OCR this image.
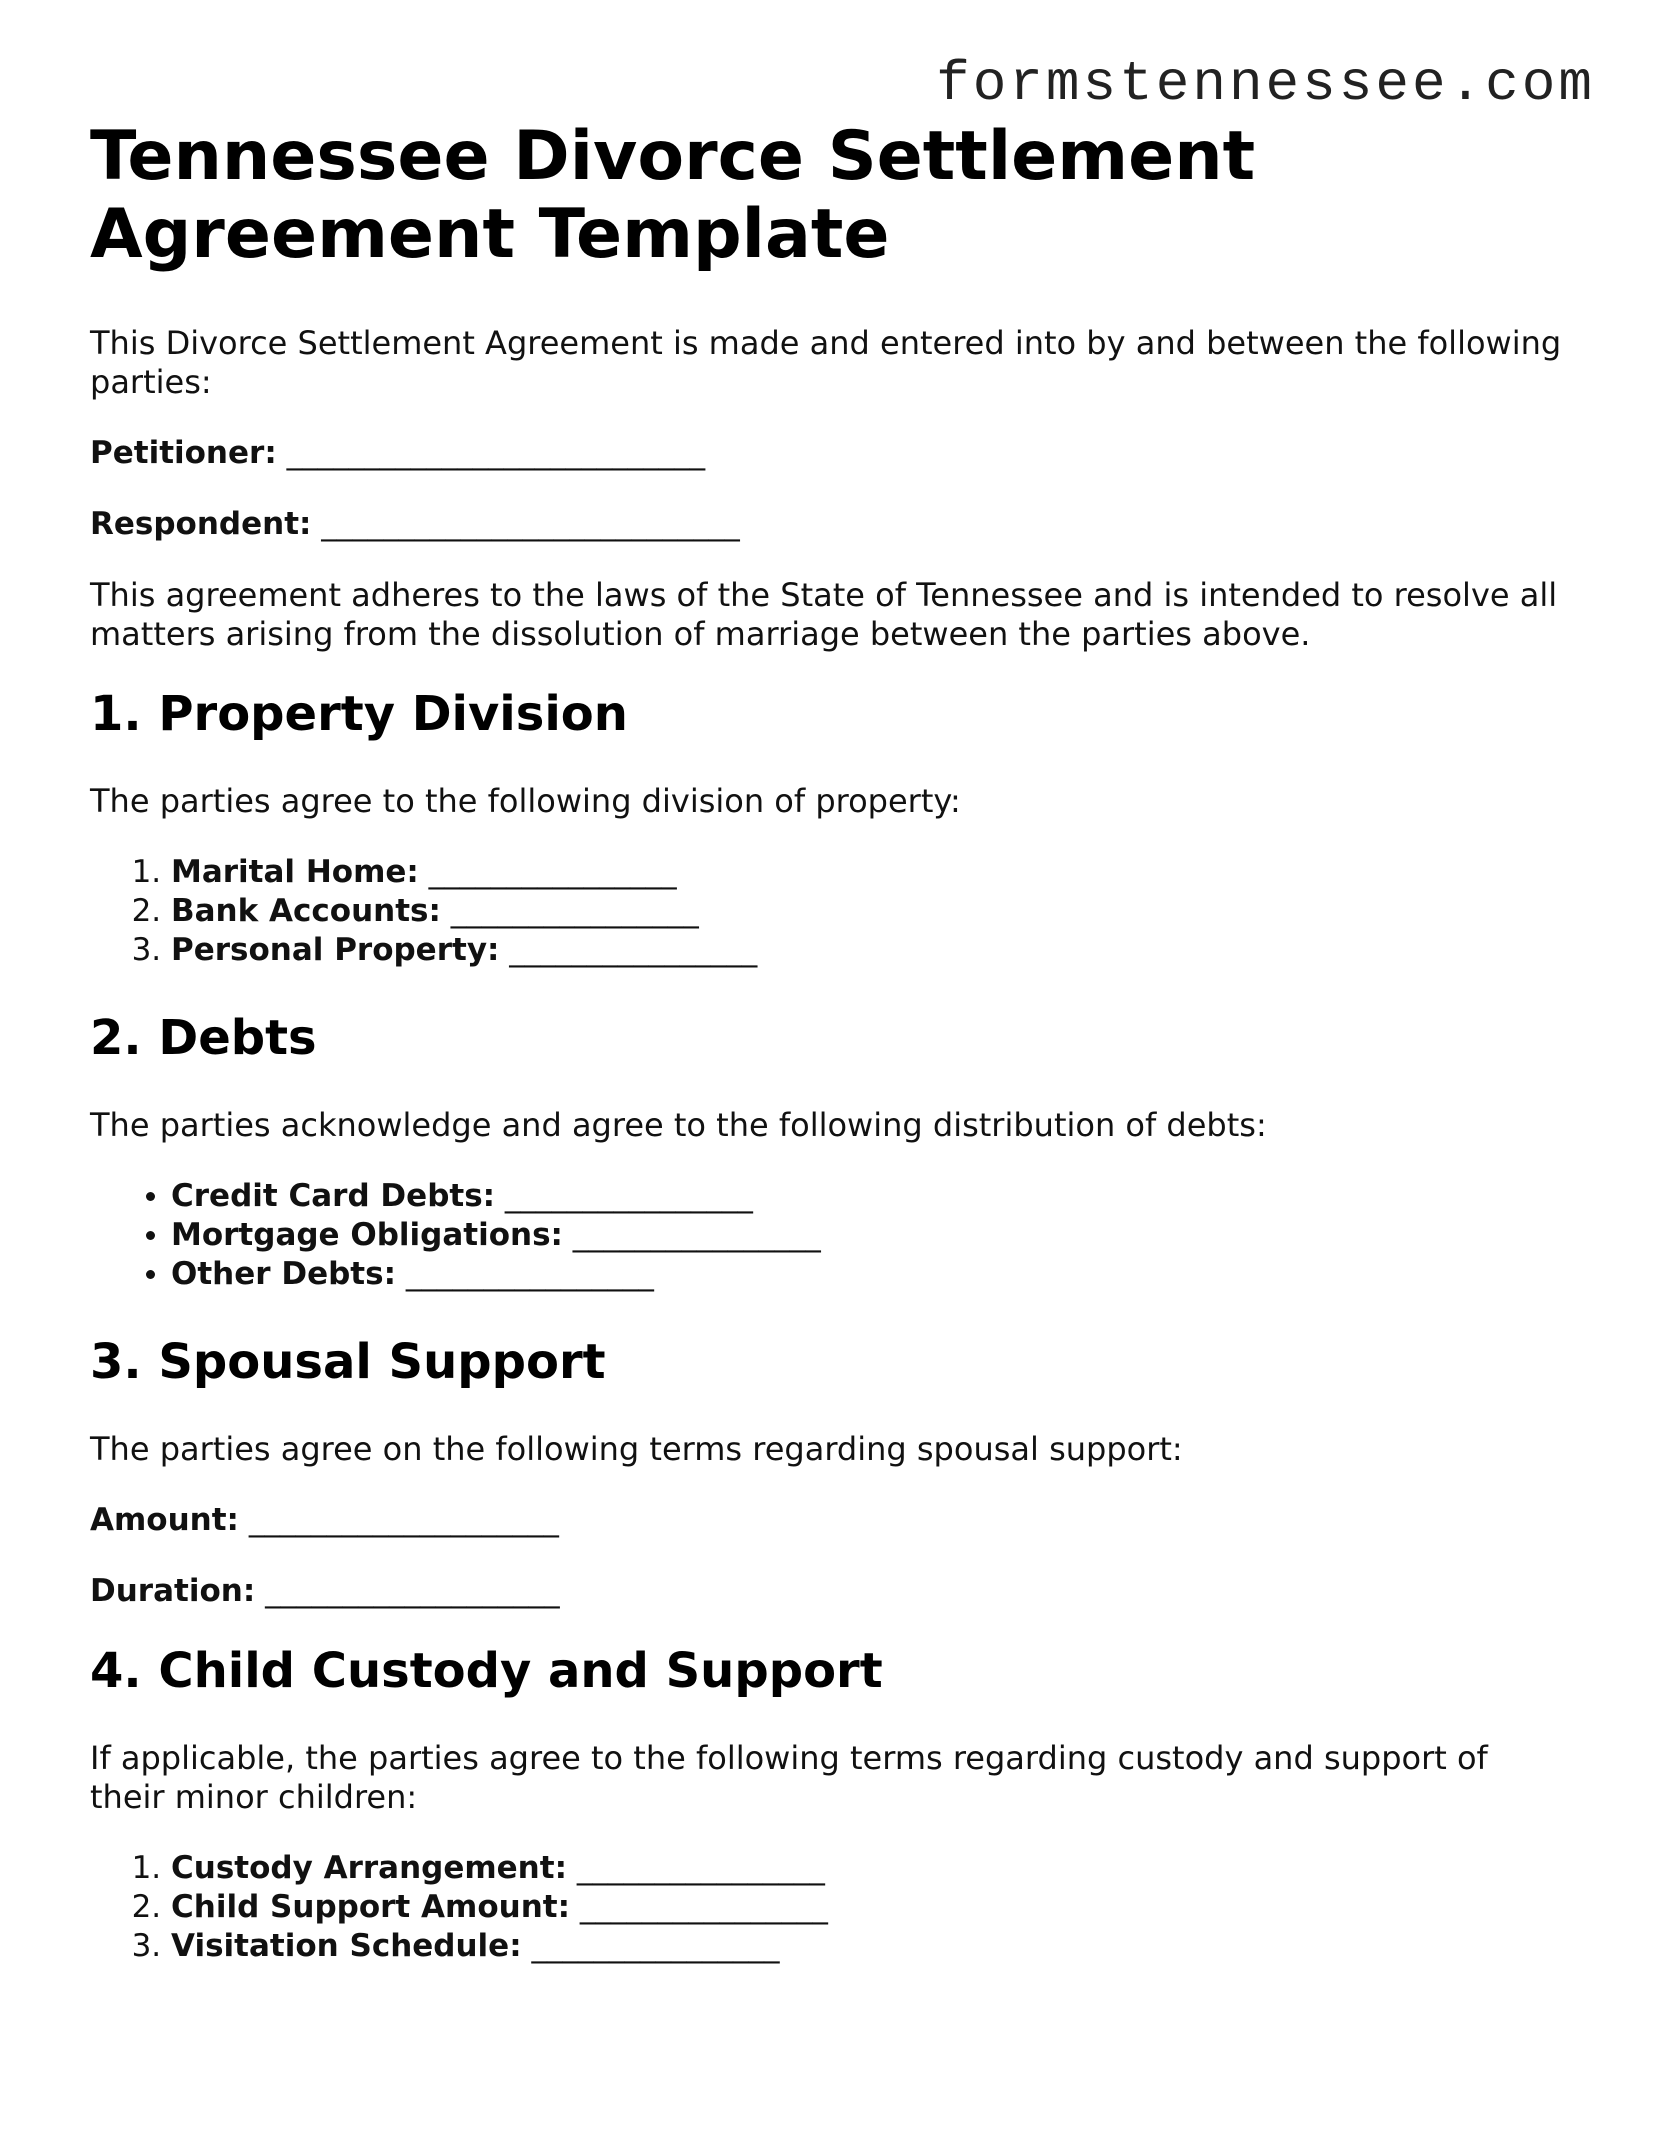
formstennessee.com
Tennessee Divorce Settlement Agreement Template

This Divorce Settlement Agreement is made and entered into by and between the following parties:

Petitioner: ___________________________
Respondent: ___________________________

This agreement adheres to the laws of the State of Tennessee and is intended to resolve all matters arising from the dissolution of marriage between the parties above.

1. Property Division

The parties agree to the following division of property:

1. Marital Home: ________________
2. Bank Accounts: ________________
3. Personal Property: ________________
2. Debts

The parties acknowledge and agree to the following distribution of debts:

• Credit Card Debts: ________________
• Mortgage Obligations: ________________
• Other Debts: ________________
3. Spousal Support

The parties agree on the following terms regarding spousal support:

Amount: ____________________
Duration: ___________________
4. Child Custody and Support

If applicable, the parties agree to the following terms regarding custody and support of their minor children:

1. Custody Arrangement: ________________
2. Child Support Amount: ________________
3. Visitation Schedule: ________________
